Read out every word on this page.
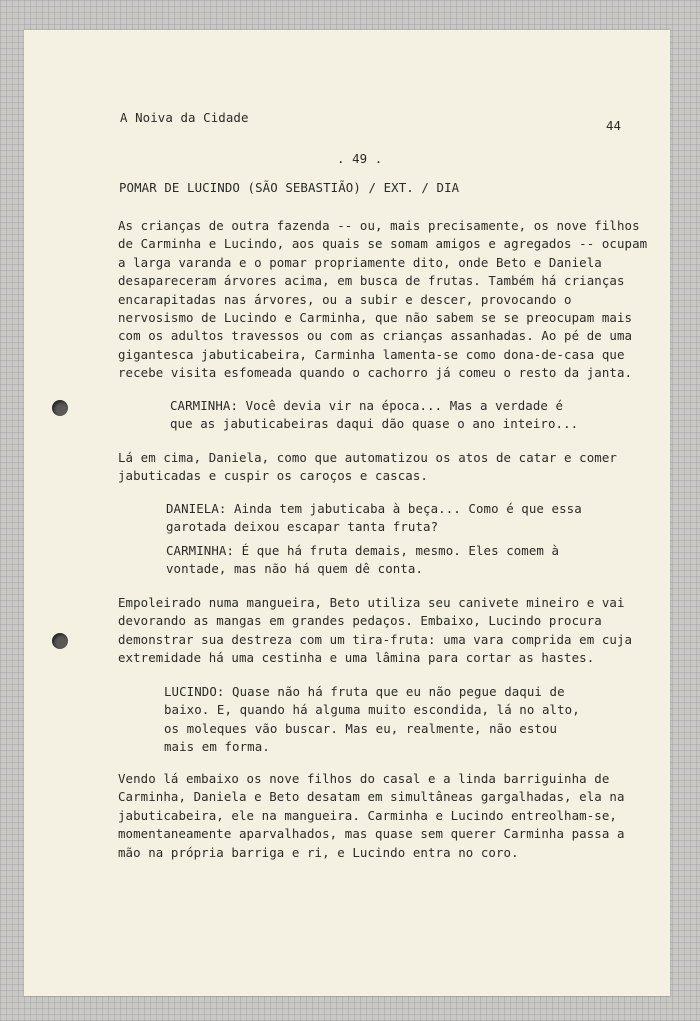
A Noiva da Cidade
44
. 49 .
POMAR DE LUCINDO (SÃO SEBASTIÃO) / EXT. / DIA
As crianças de outra fazenda -- ou, mais precisamente, os nove filhos
de Carminha e Lucindo, aos quais se somam amigos e agregados -- ocupam
a larga varanda e o pomar propriamente dito, onde Beto e Daniela
desapareceram árvores acima, em busca de frutas. Também há crianças
encarapitadas nas árvores, ou a subir e descer, provocando o
nervosismo de Lucindo e Carminha, que não sabem se se preocupam mais
com os adultos travessos ou com as crianças assanhadas. Ao pé de uma
gigantesca jabuticabeira, Carminha lamenta-se como dona-de-casa que
recebe visita esfomeada quando o cachorro já comeu o resto da janta.
CARMINHA: Você devia vir na época... Mas a verdade é
que as jabuticabeiras daqui dão quase o ano inteiro...
Lá em cima, Daniela, como que automatizou os atos de catar e comer
jabuticadas e cuspir os caroços e cascas.
DANIELA: Ainda tem jabuticaba à beça... Como é que essa
garotada deixou escapar tanta fruta?
CARMINHA: É que há fruta demais, mesmo. Eles comem à
vontade, mas não há quem dê conta.
Empoleirado numa mangueira, Beto utiliza seu canivete mineiro e vai
devorando as mangas em grandes pedaços. Embaixo, Lucindo procura
demonstrar sua destreza com um tira-fruta: uma vara comprida em cuja
extremidade há uma cestinha e uma lâmina para cortar as hastes.
LUCINDO: Quase não há fruta que eu não pegue daqui de
baixo. E, quando há alguma muito escondida, lá no alto,
os moleques vão buscar. Mas eu, realmente, não estou
mais em forma.
Vendo lá embaixo os nove filhos do casal e a linda barriguinha de
Carminha, Daniela e Beto desatam em simultâneas gargalhadas, ela na
jabuticabeira, ele na mangueira. Carminha e Lucindo entreolham-se,
momentaneamente aparvalhados, mas quase sem querer Carminha passa a
mão na própria barriga e ri, e Lucindo entra no coro.
